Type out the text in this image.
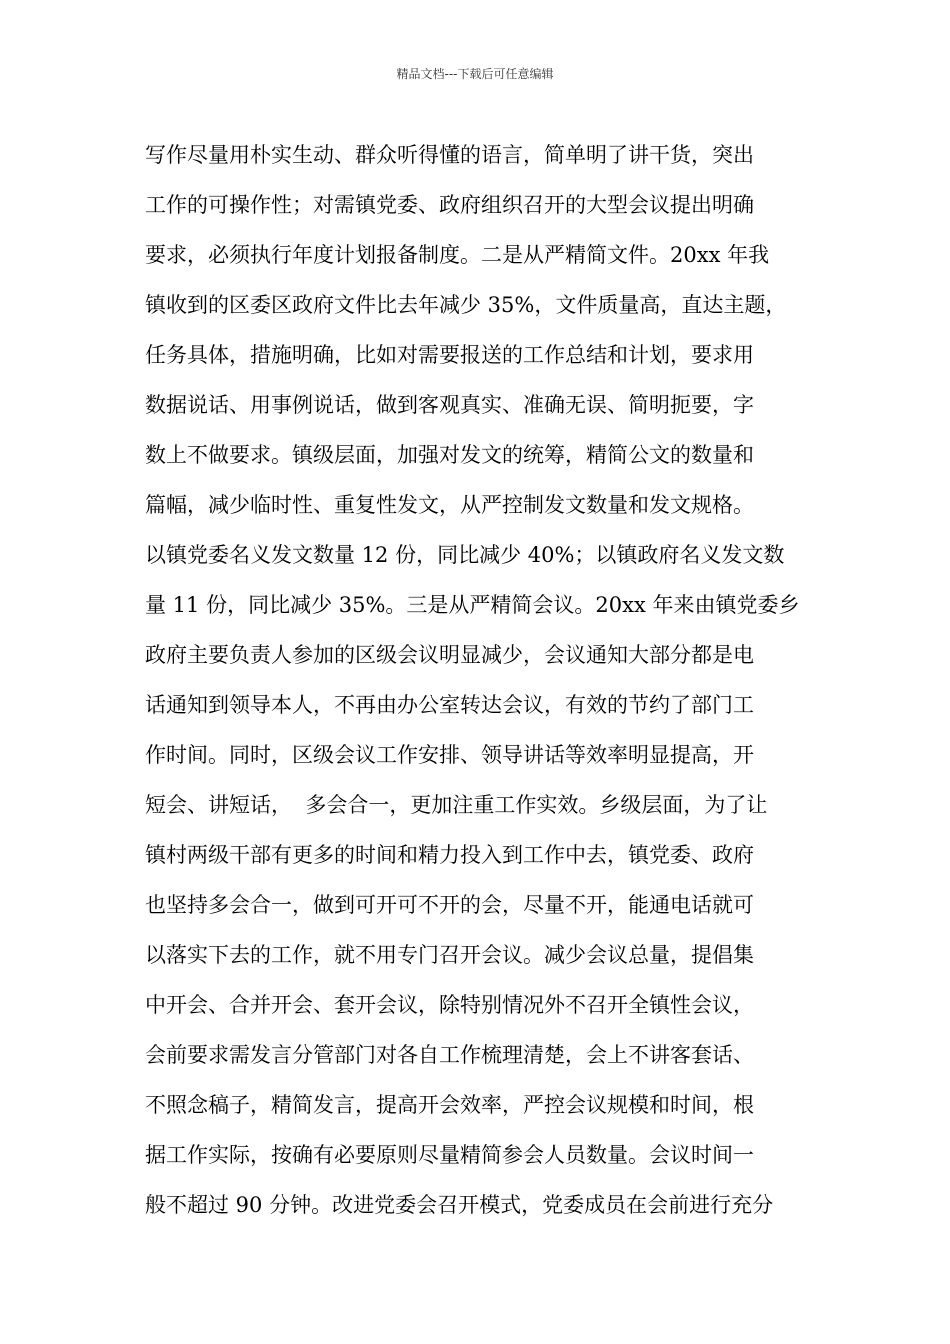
精品文档---下载后可任意编辑
写作尽量用朴实生动、群众听得懂的语言，简单明了讲干货，突出
工作的可操作性；对需镇党委、政府组织召开的大型会议提出明确
要求，必须执行年度计划报备制度。二是从严精简文件。20xx 年我
镇收到的区委区政府文件比去年减少 35%，文件质量高，直达主题，
任务具体，措施明确，比如对需要报送的工作总结和计划，要求用
数据说话、用事例说话，做到客观真实、准确无误、简明扼要，字
数上不做要求。镇级层面，加强对发文的统筹，精简公文的数量和
篇幅，减少临时性、重复性发文，从严控制发文数量和发文规格。
以镇党委名义发文数量 12 份，同比减少 40%；以镇政府名义发文数
量 11 份，同比减少 35%。三是从严精简会议。20xx 年来由镇党委乡
政府主要负责人参加的区级会议明显减少，会议通知大部分都是电
话通知到领导本人，不再由办公室转达会议，有效的节约了部门工
作时间。同时，区级会议工作安排、领导讲话等效率明显提高，开
短会、讲短话，  多会合一，更加注重工作实效。乡级层面，为了让
镇村两级干部有更多的时间和精力投入到工作中去，镇党委、政府
也坚持多会合一，做到可开可不开的会，尽量不开，能通电话就可
以落实下去的工作，就不用专门召开会议。减少会议总量，提倡集
中开会、合并开会、套开会议，除特别情况外不召开全镇性会议，
会前要求需发言分管部门对各自工作梳理清楚，会上不讲客套话、
不照念稿子，精简发言，提高开会效率，严控会议规模和时间，根
据工作实际，按确有必要原则尽量精简参会人员数量。会议时间一
般不超过 90 分钟。改进党委会召开模式，党委成员在会前进行充分
